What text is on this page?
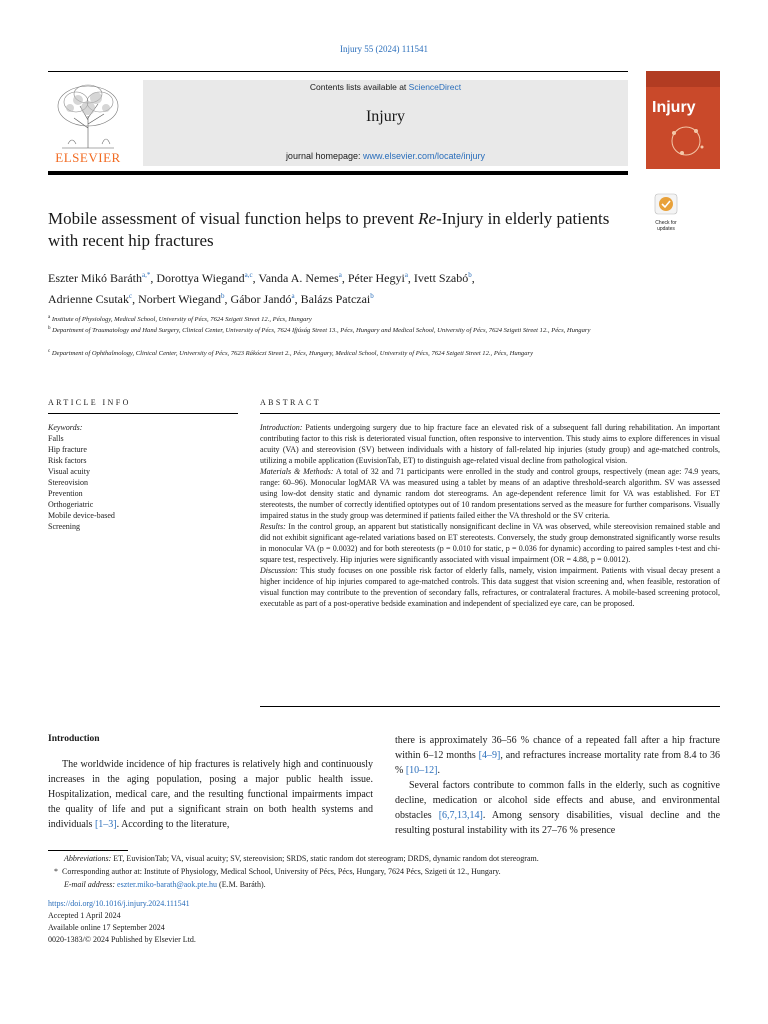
Injury 55 (2024) 111541
ELSEVIER
Contents lists available at ScienceDirect
Injury
journal homepage: www.elsevier.com/locate/injury
Injury
Check for updates
Mobile assessment of visual function helps to prevent Re-Injury in elderly patients with recent hip fractures
Eszter Mikó Baráth$^{a,*}$, Dorottya Wiegand$^{a,c}$, Vanda A. Nemes$^a$, Péter Hegyi$^a$, Ivett Szabó$^b$,
Adrienne Csutak$^c$, Norbert Wiegand$^b$, Gábor Jandó$^a$, Balázs Patczai$^b$
$^a$ Institute of Physiology, Medical School, University of Pécs, 7624 Szigeti Street 12., Pécs, Hungary
$^b$ Department of Traumatology and Hand Surgery, Clinical Center, University of Pécs, 7624 Ifjúság Street 13., Pécs, Hungary and Medical School, University of Pécs, 7624 Szigeti Street 12., Pécs, Hungary
$^c$ Department of Ophthalmology, Clinical Center, University of Pécs, 7623 Rákóczi Street 2., Pécs, Hungary, Medical School, University of Pécs, 7624 Szigeti Street 12., Pécs, Hungary
ARTICLE INFO	ABSTRACT
Keywords:
Falls
Hip fracture
Risk factors
Visual acuity
Stereovision
Prevention
Orthogeriatric
Mobile device-based
Screening

Introduction: Patients undergoing surgery due to hip fracture face an elevated risk of a subsequent fall during rehabilitation. An important contributing factor to this risk is deteriorated visual function, often responsive to intervention. This study aims to explore differences in visual acuity (VA) and stereovision (SV) between individuals with a history of fall-related hip injuries (study group) and age-matched controls, utilizing a mobile application (EuvisionTab, ET) to distinguish age-related visual decline from pathological vision.

Materials & Methods: A total of 32 and 71 participants were enrolled in the study and control groups, respectively (mean age: 74.9 years, range: 60–96). Monocular logMAR VA was measured using a tablet by means of an adaptive threshold-search algorithm. SV was assessed using low-dot density static and dynamic random dot stereograms. An age-dependent reference limit for VA was established. For ET stereotests, the number of correctly identified optotypes out of 10 random presentations served as the measure for further comparisons. Visually impaired status in the study group was determined if patients failed either the VA threshold or the SV criteria.

Results: In the control group, an apparent but statistically nonsignificant decline in VA was observed, while stereovision remained stable and did not exhibit significant age-related variations based on ET stereotests. Conversely, the study group demonstrated significantly worse results in monocular VA (p = 0.0032) and for both stereotests (p = 0.010 for static, p = 0.036 for dynamic) according to paired samples t-test and chi-square test, respectively. Hip injuries were significantly associated with visual impairment (OR = 4.88, p = 0.0012).

Discussion: This study focuses on one possible risk factor of elderly falls, namely, vision impairment. Patients with visual decay present a higher incidence of hip injuries compared to age-matched controls. This data suggest that vision screening and, when feasible, restoration of visual function may contribute to the prevention of secondary falls, refractures, or contralateral fractures. A mobile-based screening protocol, executable as part of a post-operative bedside examination and independent of specialized eye care, can be proposed.

Introduction

The worldwide incidence of hip fractures is relatively high and continuously increases in the aging population, posing a major public health issue. Hospitalization, medical care, and the resulting functional impairments impact the quality of life and put a significant strain on both health systems and individuals [1–3]. According to the literature,

there is approximately 36–56 % chance of a repeated fall after a hip fracture within 6–12 months [4–9], and refractures increase mortality rate from 8.4 to 36 % [10–12].

Several factors contribute to common falls in the elderly, such as cognitive decline, medication or alcohol side effects and abuse, and environmental obstacles [6,7,13,14]. Among sensory disabilities, visual decline and the resulting postural instability with its 27–76 % presence

Abbreviations: ET, EuvisionTab; VA, visual acuity; SV, stereovision; SRDS, static random dot stereogram; DRDS, dynamic random dot stereogram.

* Corresponding author at: Institute of Physiology, Medical School, University of Pécs, Pécs, Hungary, 7624 Pécs, Szigeti út 12., Hungary.

E-mail address: eszter.miko-barath@aok.pte.hu (E.M. Baráth).

https://doi.org/10.1016/j.injury.2024.111541

Accepted 1 April 2024

Available online 17 September 2024

0020-1383/© 2024 Published by Elsevier Ltd.
